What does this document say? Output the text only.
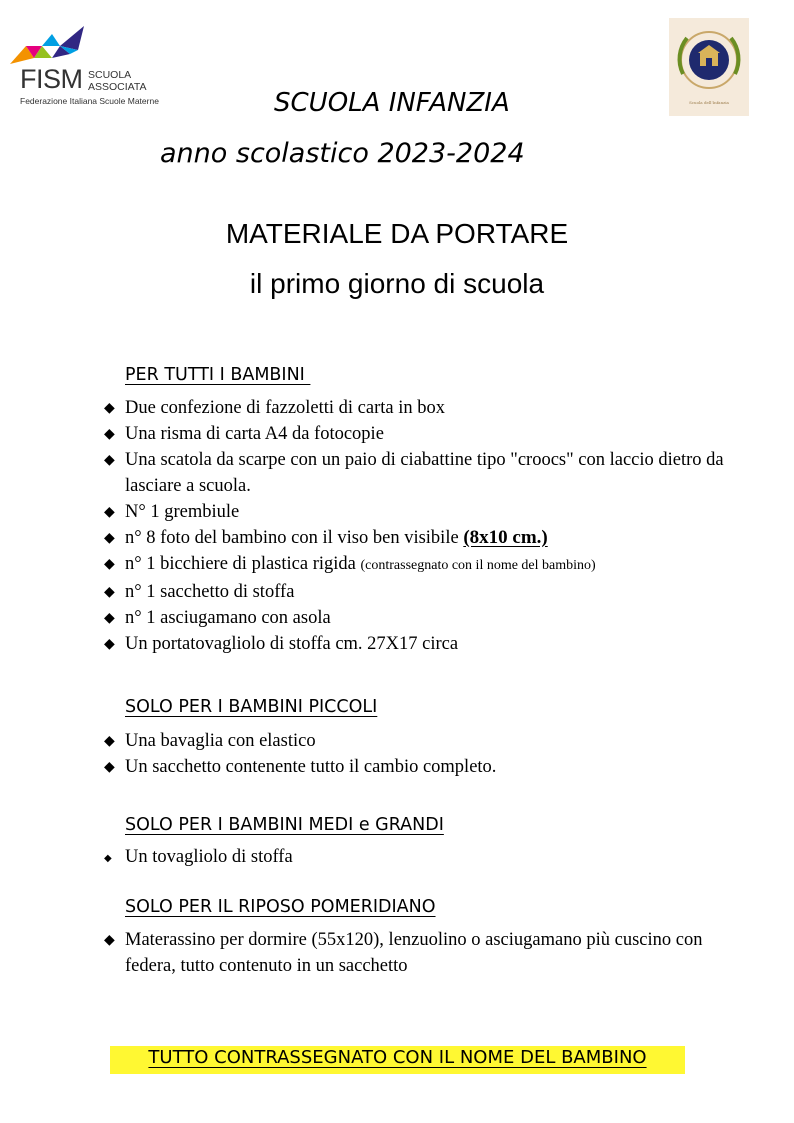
FISM SCUOLA
ASSOCIATA
Federazione Italiana Scuole Materne	Scuola dell'Infanzia
SCUOLA INFANZIA
anno scolastico 2023-2024
MATERIALE DA PORTARE
il primo giorno di scuola
PER TUTTI I BAMBINI
◆ Due confezione di fazzoletti di carta in box
◆ Una risma di carta A4 da fotocopie
◆ Una scatola da scarpe con un paio di ciabattine tipo "croocs" con laccio dietro da lasciare a scuola.
◆ N° 1 grembiule
◆ n° 8 foto del bambino con il viso ben visibile (8x10 cm.)
◆ n° 1 bicchiere di plastica rigida (contrassegnato con il nome del bambino)
◆ n° 1 sacchetto di stoffa
◆ n° 1 asciugamano con asola
◆ Un portatovagliolo di stoffa cm. 27X17 circa
SOLO PER I BAMBINI PICCOLI
◆ Una bavaglia con elastico
◆ Un sacchetto contenente tutto il cambio completo.
SOLO PER I BAMBINI MEDI e GRANDI
◆ Un tovagliolo di stoffa
SOLO PER IL RIPOSO POMERIDIANO
◆ Materassino per dormire (55x120), lenzuolino o asciugamano più cuscino con federa, tutto contenuto in un sacchetto
TUTTO CONTRASSEGNATO CON IL NOME DEL BAMBINO
